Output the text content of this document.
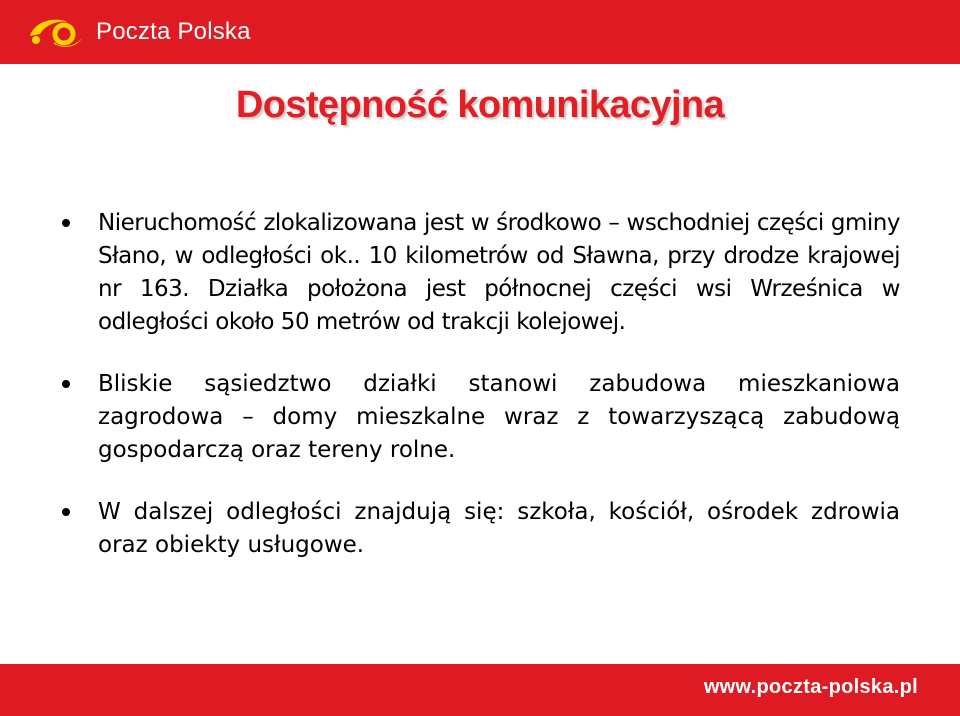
Poczta Polska
Dostępność komunikacyjna

Nieruchomość zlokalizowana jest w środkowo – wschodniej części gminy Słano, w odległości ok.. 10 kilometrów od Sławna, przy drodze krajowej nr 163. Działka położona jest północnej części wsi Wrześnica w odległości około 50 metrów od trakcji kolejowej.

Bliskie sąsiedztwo działki stanowi zabudowa mieszkaniowa zagrodowa – domy mieszkalne wraz z towarzyszącą zabudową gospodarczą oraz tereny rolne.

W dalszej odległości znajdują się: szkoła, kościół, ośrodek zdrowia oraz obiekty usługowe.

www.poczta-polska.pl
